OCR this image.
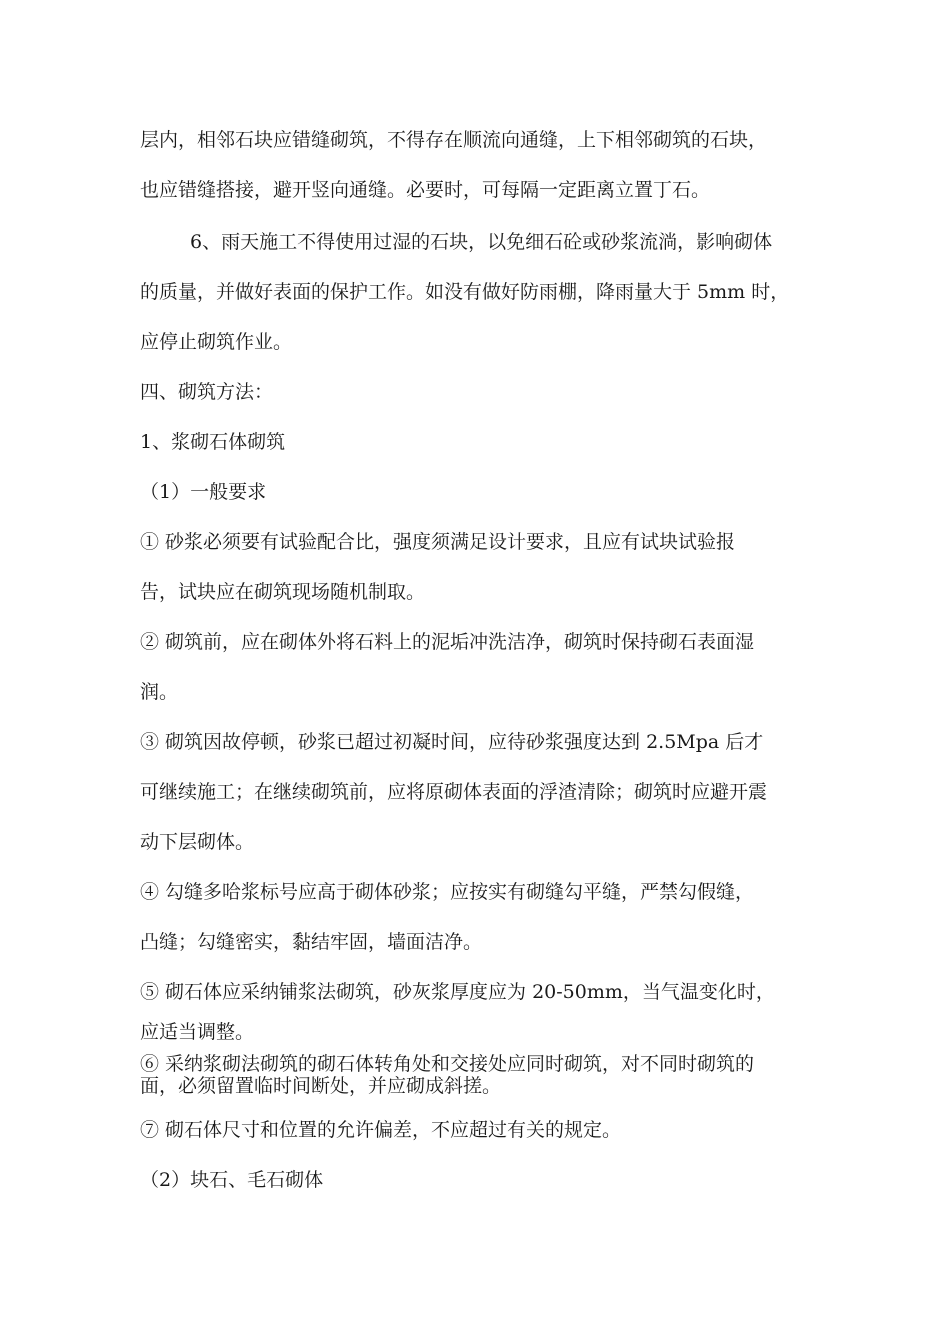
层内，相邻石块应错缝砌筑，不得存在顺流向通缝，上下相邻砌筑的石块，
也应错缝搭接，避开竖向通缝。必要时，可每隔一定距离立置丁石。
6、雨天施工不得使用过湿的石块，以免细石砼或砂浆流淌，影响砌体
的质量，并做好表面的保护工作。如没有做好防雨棚，降雨量大于 5mm 时，
应停止砌筑作业。
四、砌筑方法：
1、浆砌石体砌筑
（1）一般要求
① 砂浆必须要有试验配合比，强度须满足设计要求，且应有试块试验报
告，试块应在砌筑现场随机制取。
② 砌筑前，应在砌体外将石料上的泥垢冲洗洁净，砌筑时保持砌石表面湿
润。
③ 砌筑因故停顿，砂浆已超过初凝时间，应待砂浆强度达到 2.5Mpa 后才
可继续施工；在继续砌筑前，应将原砌体表面的浮渣清除；砌筑时应避开震
动下层砌体。
④ 勾缝多哈浆标号应高于砌体砂浆；应按实有砌缝勾平缝，严禁勾假缝，
凸缝；勾缝密实，黏结牢固，墙面洁净。
⑤ 砌石体应采纳铺浆法砌筑，砂灰浆厚度应为 20-50mm，当气温变化时，
应适当调整。
⑥ 采纳浆砌法砌筑的砌石体转角处和交接处应同时砌筑，对不同时砌筑的
面，必须留置临时间断处，并应砌成斜搓。
⑦ 砌石体尺寸和位置的允许偏差，不应超过有关的规定。
（2）块石、毛石砌体
